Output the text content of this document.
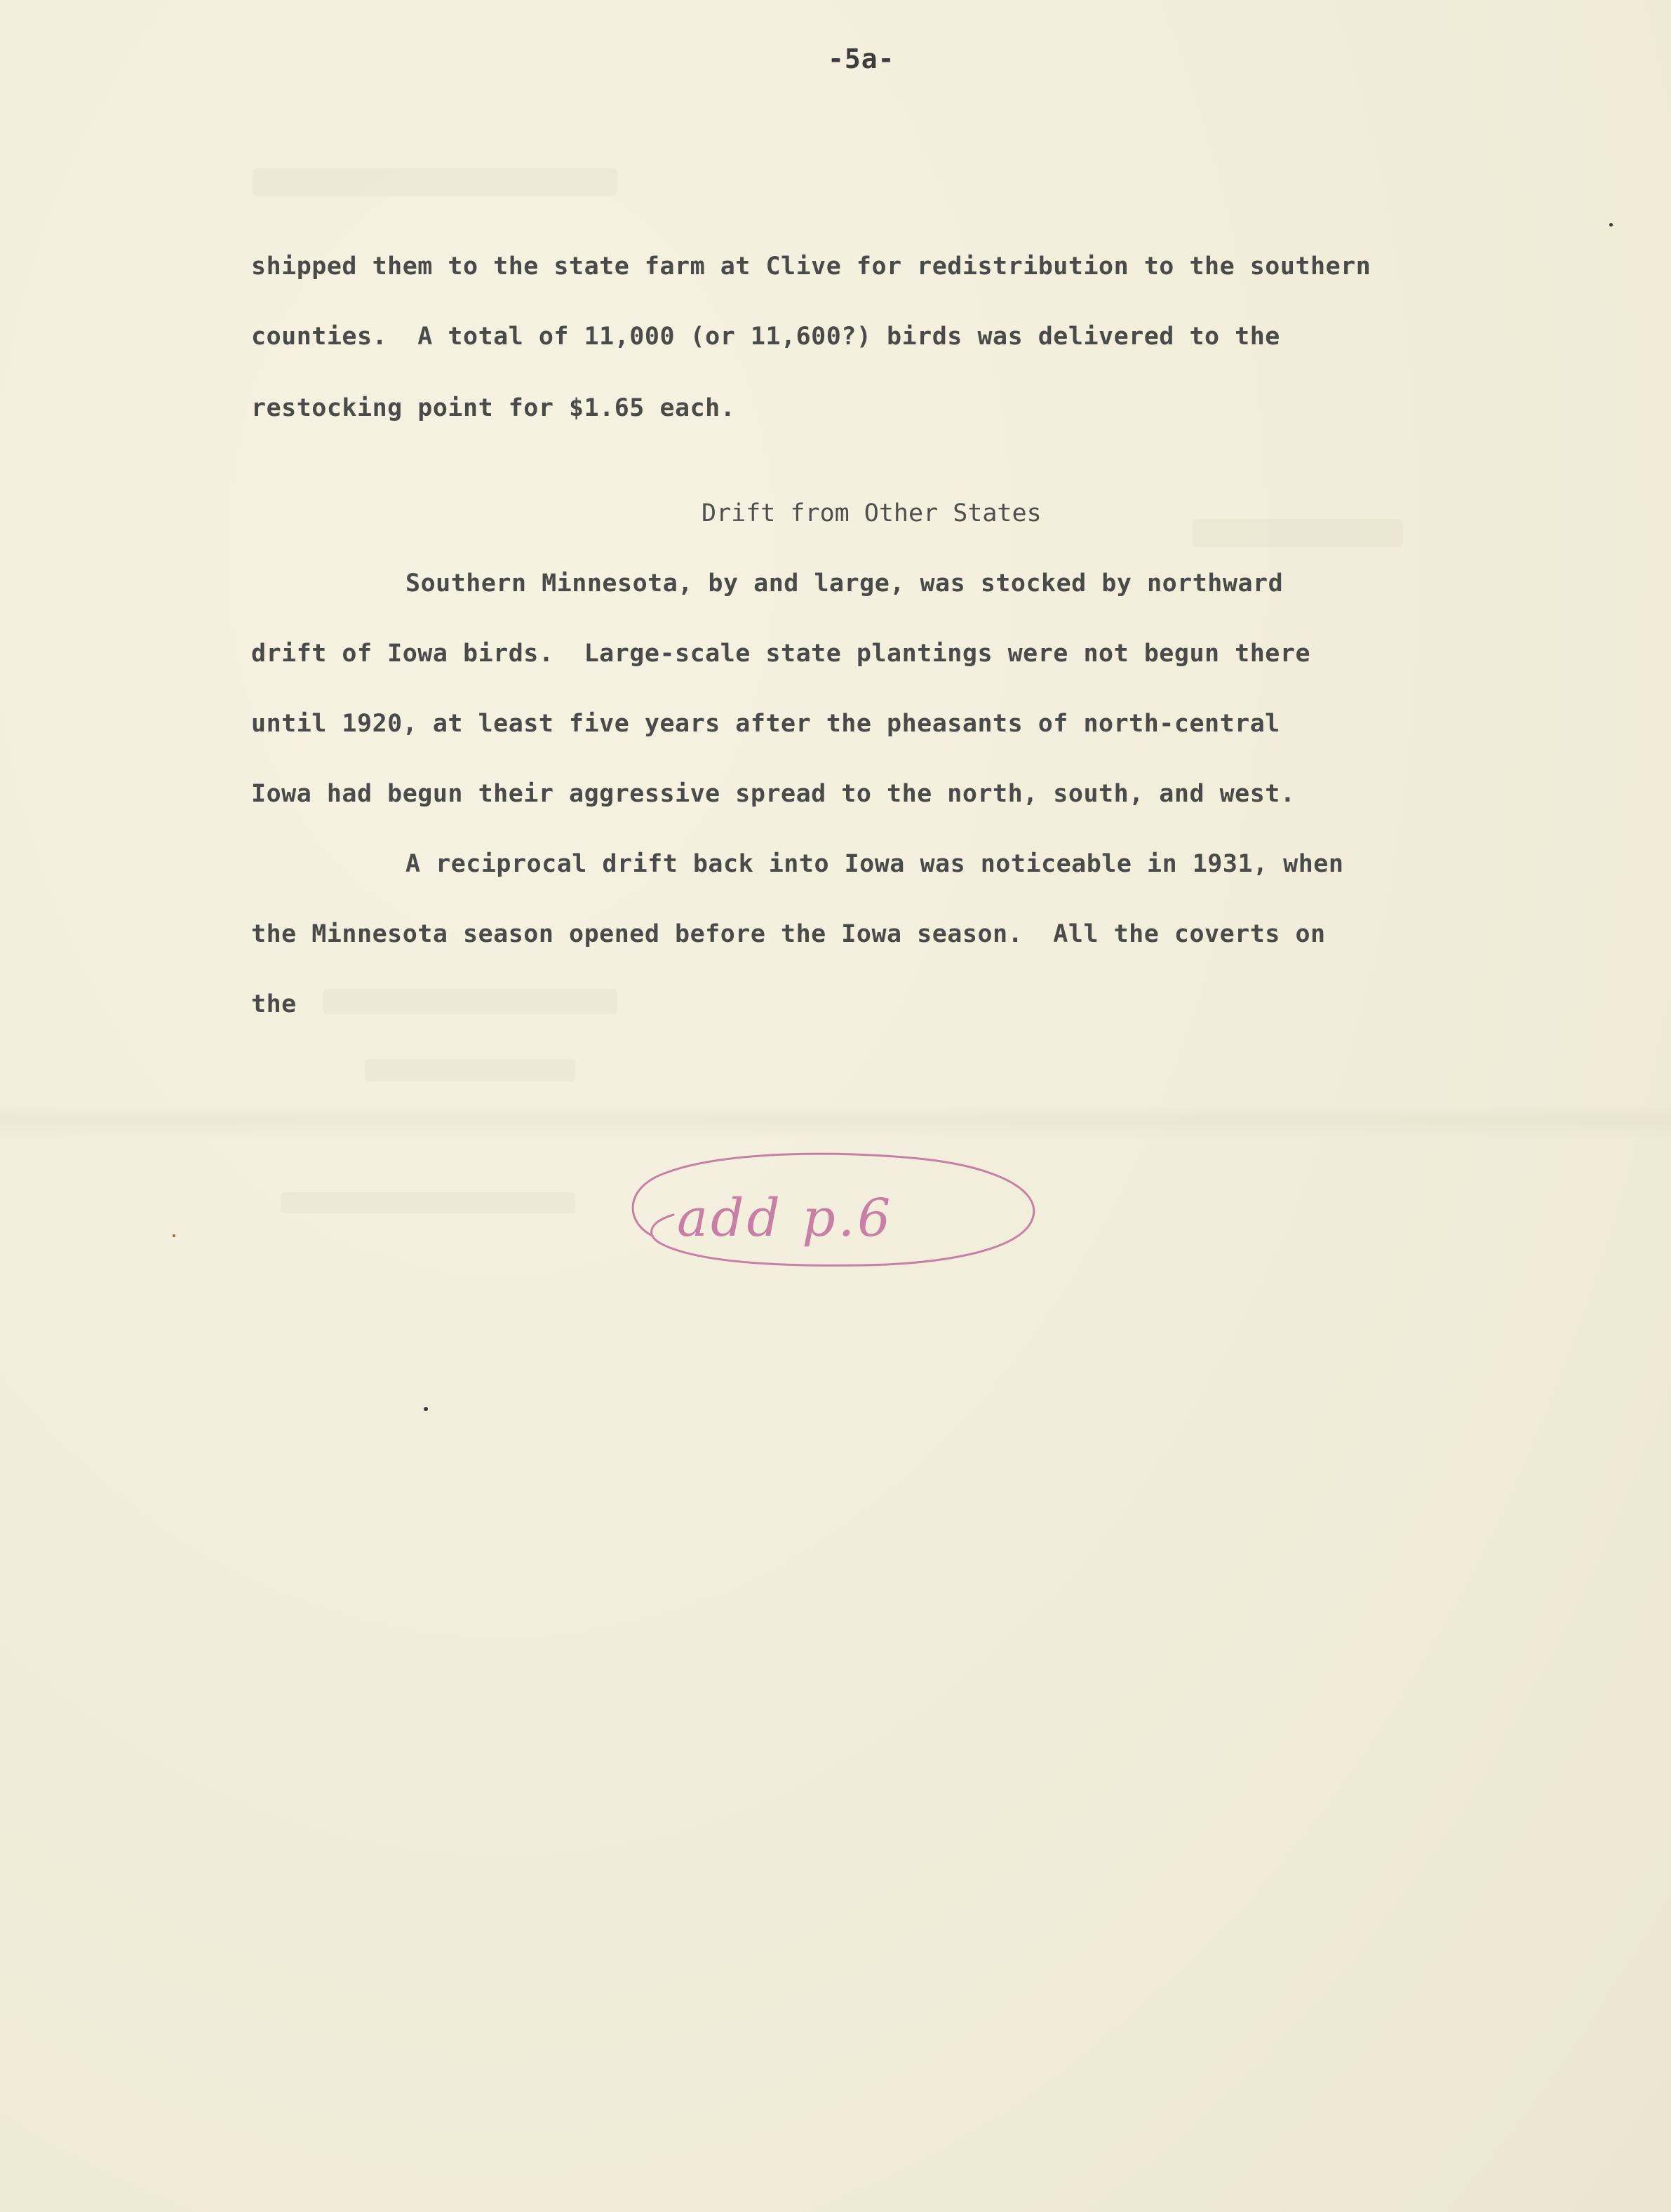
-5a-
shipped them to the state farm at Clive for redistribution to the southern
counties.  A total of 11,000 (or 11,600?) birds was delivered to the
restocking point for $1.65 each.
Drift from Other States
Southern Minnesota, by and large, was stocked by northward
drift of Iowa birds.  Large-scale state plantings were not begun there
until 1920, at least five years after the pheasants of north-central
Iowa had begun their aggressive spread to the north, south, and west.
A reciprocal drift back into Iowa was noticeable in 1931, when
the Minnesota season opened before the Iowa season.  All the coverts on
the
add p.6
